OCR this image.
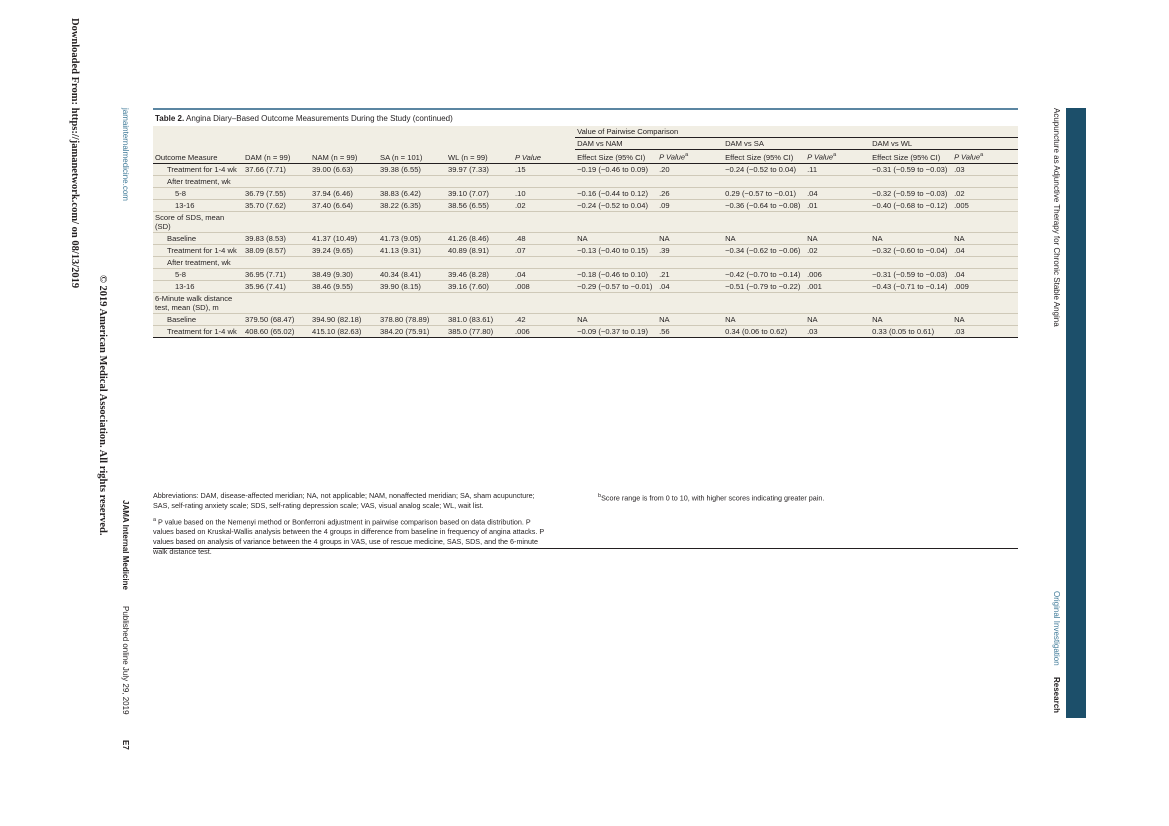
Downloaded From: https://jamanetwork.com/ on 08/13/2019
© 2019 American Medical Association. All rights reserved.
jamainternalmedicine.com
JAMA Internal Medicine
Published online July 29, 2019
E7
Acupuncture as Adjunctive Therapy for Chronic Stable Angina
Original Investigation
Research
Table 2. Angina Diary–Based Outcome Measurements During the Study (continued)
						Value of Pairwise Comparison					
						DAM vs NAM		DAM vs SA		DAM vs WL	
Outcome Measure	DAM (n = 99)	NAM (n = 99)	SA (n = 101)	WL (n = 99)	P Value	Effect Size (95% CI)	P Value$^a$	Effect Size (95% CI)	P Value$^a$	Effect Size (95% CI)	P Value$^a$
Treatment for 1-4 wk	37.66 (7.71)	39.00 (6.63)	39.38 (6.55)	39.97 (7.33)	.15	−0.19 (−0.46 to 0.09)	.20	−0.24 (−0.52 to 0.04)	.11	−0.31 (−0.59 to −0.03)	.03
After treatment, wk											
5-8	36.79 (7.55)	37.94 (6.46)	38.83 (6.42)	39.10 (7.07)	.10	−0.16 (−0.44 to 0.12)	.26	0.29 (−0.57 to −0.01)	.04	−0.32 (−0.59 to −0.03)	.02
13-16	35.70 (7.62)	37.40 (6.64)	38.22 (6.35)	38.56 (6.55)	.02	−0.24 (−0.52 to 0.04)	.09	−0.36 (−0.64 to −0.08)	.01	−0.40 (−0.68 to −0.12)	.005
Score of SDS, mean (SD)											
Baseline	39.83 (8.53)	41.37 (10.49)	41.73 (9.05)	41.26 (8.46)	.48	NA	NA	NA	NA	NA	NA
Treatment for 1-4 wk	38.09 (8.57)	39.24 (9.65)	41.13 (9.31)	40.89 (8.91)	.07	−0.13 (−0.40 to 0.15)	.39	−0.34 (−0.62 to −0.06)	.02	−0.32 (−0.60 to −0.04)	.04
After treatment, wk											
5-8	36.95 (7.71)	38.49 (9.30)	40.34 (8.41)	39.46 (8.28)	.04	−0.18 (−0.46 to 0.10)	.21	−0.42 (−0.70 to −0.14)	.006	−0.31 (−0.59 to −0.03)	.04
13-16	35.96 (7.41)	38.46 (9.55)	39.90 (8.15)	39.16 (7.60)	.008	−0.29 (−0.57 to −0.01)	.04	−0.51 (−0.79 to −0.22)	.001	−0.43 (−0.71 to −0.14)	.009
6-Minute walk distance test, mean (SD), m											
Baseline	379.50 (68.47)	394.90 (82.18)	378.80 (78.89)	381.0 (83.61)	.42	NA	NA	NA	NA	NA	NA
Treatment for 1-4 wk	408.60 (65.02)	415.10 (82.63)	384.20 (75.91)	385.0 (77.80)	.006	−0.09 (−0.37 to 0.19)	.56	0.34 (0.06 to 0.62)	.03	0.33 (0.05 to 0.61)	.03
Abbreviations: DAM, disease-affected meridian; NA, not applicable; NAM, nonaffected meridian; SA, sham acupuncture; SAS, self-rating anxiety scale; SDS, self-rating depression scale; VAS, visual analog scale; WL, wait list.
$^a$ P value based on the Nemenyi method or Bonferroni adjustment in pairwise comparison based on data distribution. P values based on Kruskal-Wallis analysis between the 4 groups in difference from baseline in frequency of angina attacks. P values based on analysis of variance between the 4 groups in VAS, use of rescue medicine, SAS, SDS, and the 6-minute walk distance test.
$^b$Score range is from 0 to 10, with higher scores indicating greater pain.
